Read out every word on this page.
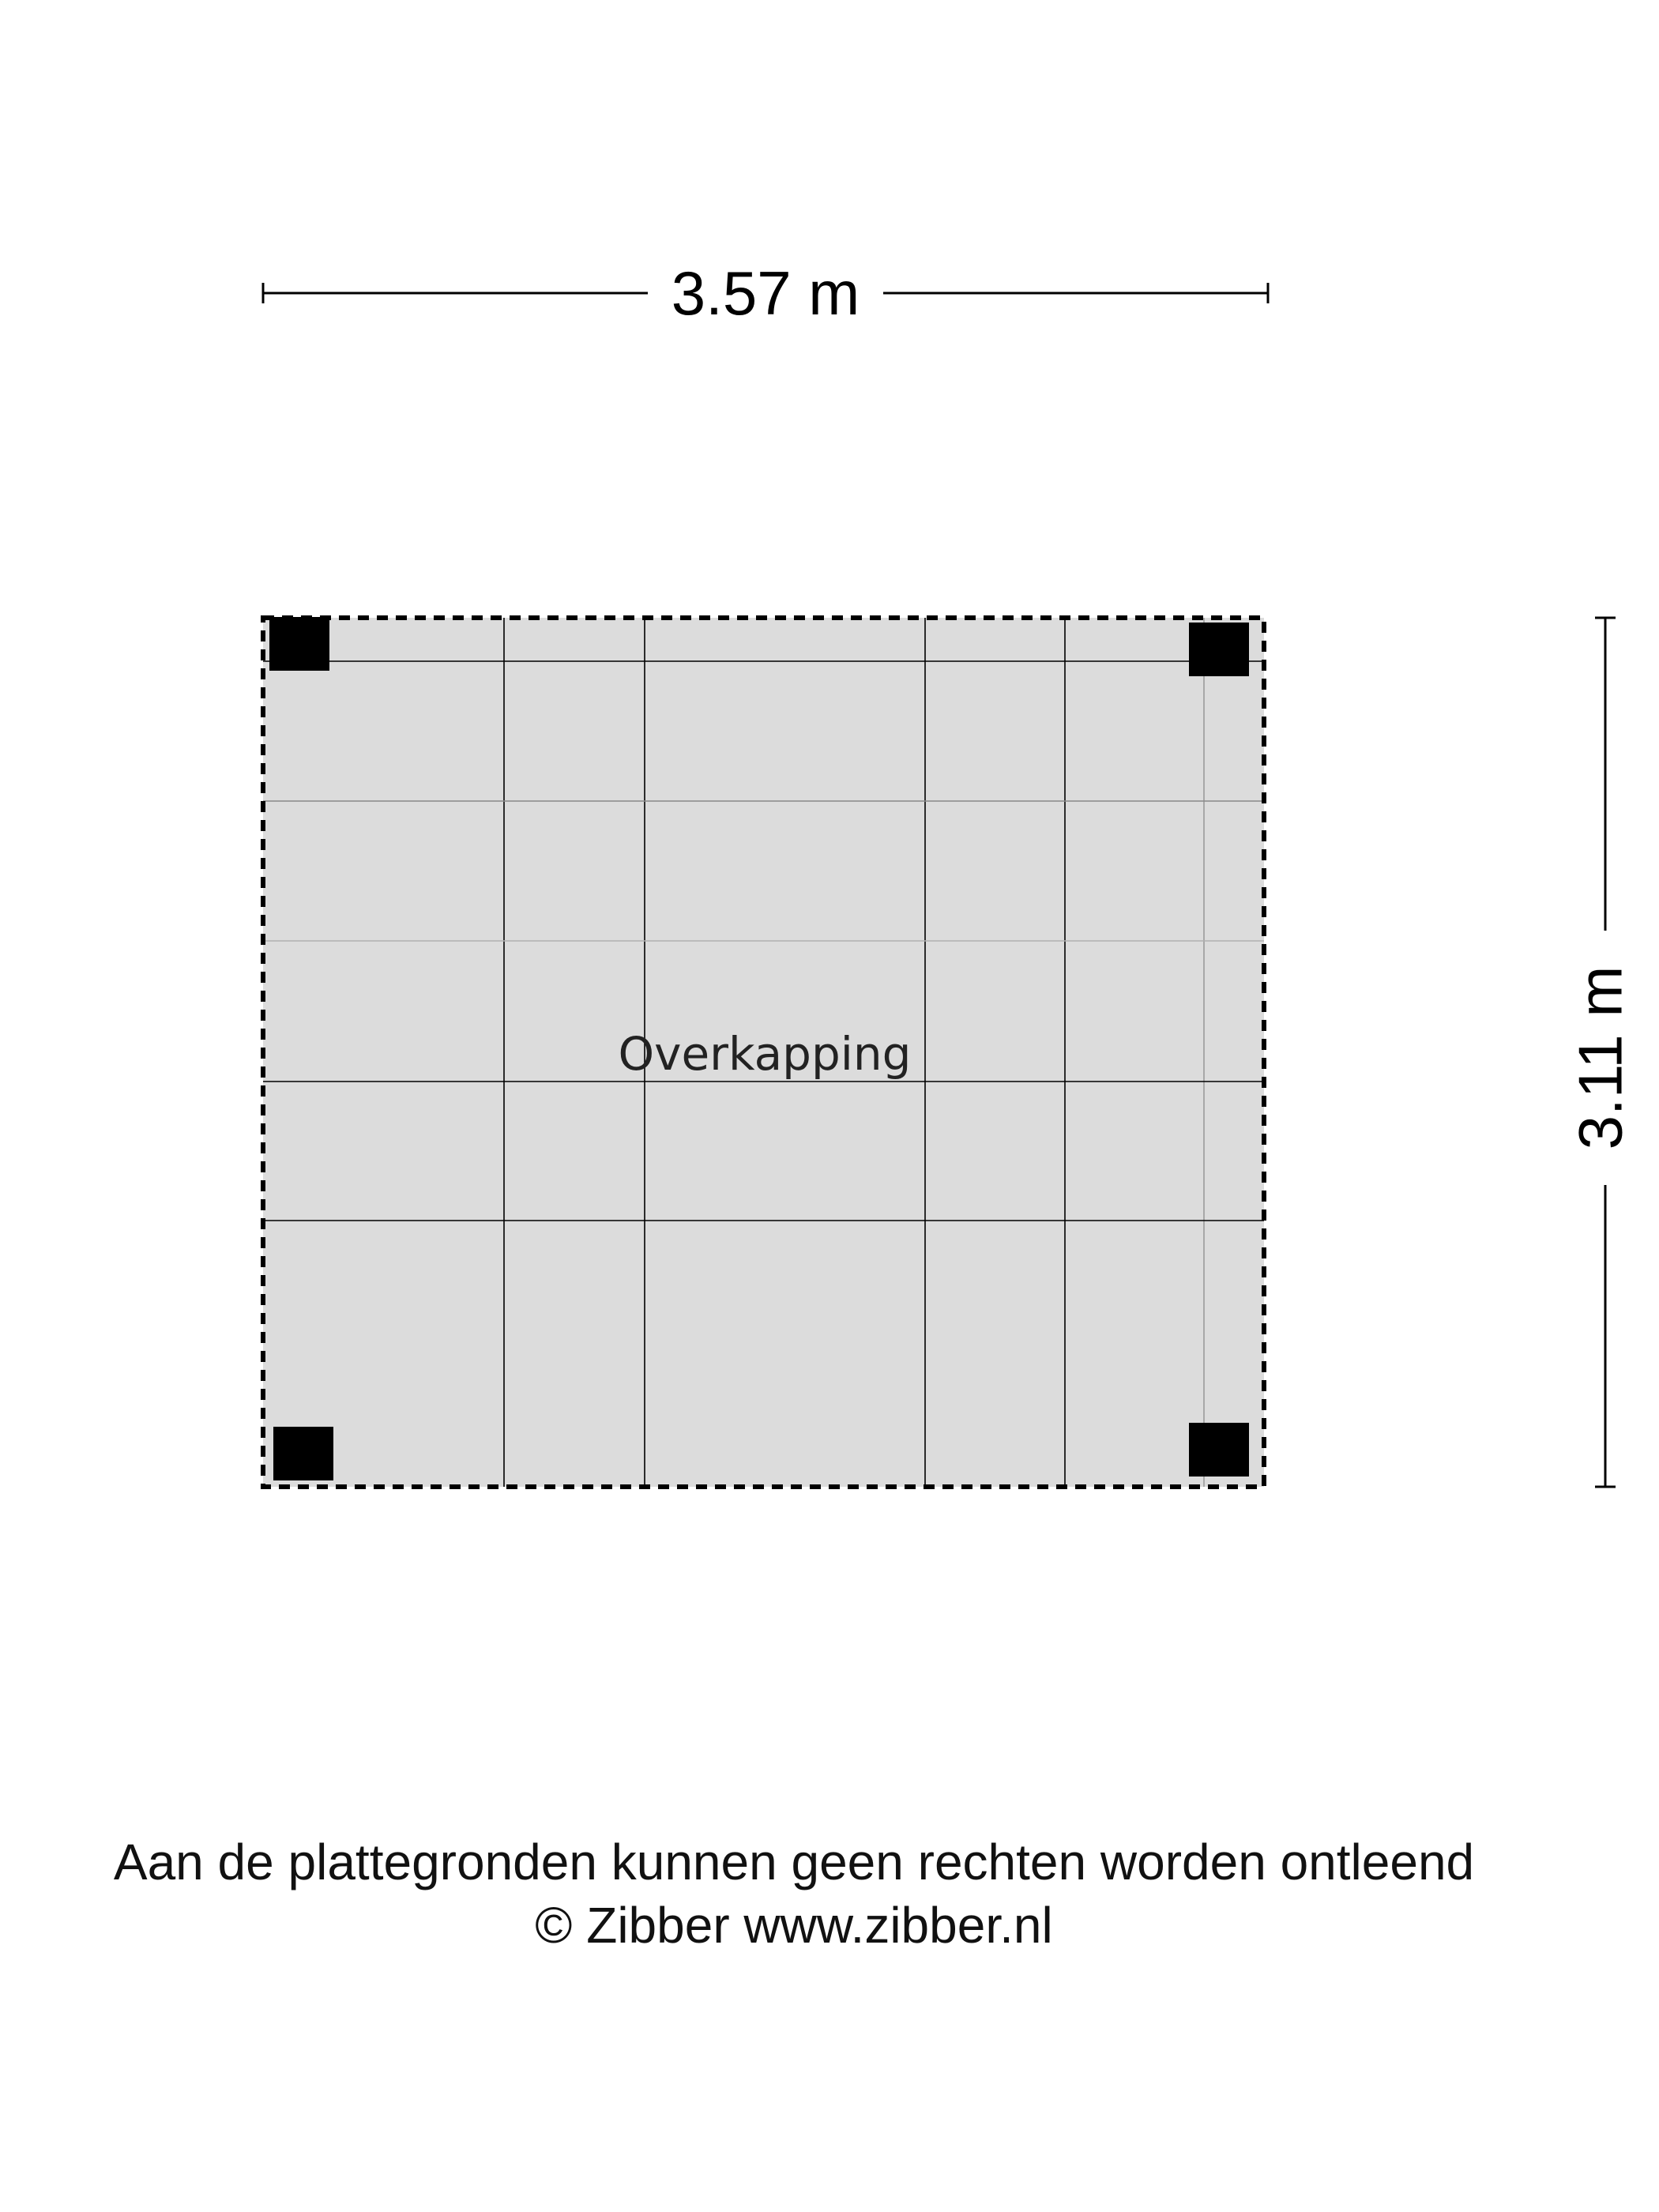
3.57 m
3.11 m
Overkapping
Aan de plattegronden kunnen geen rechten worden ontleend
© Zibber www.zibber.nl
